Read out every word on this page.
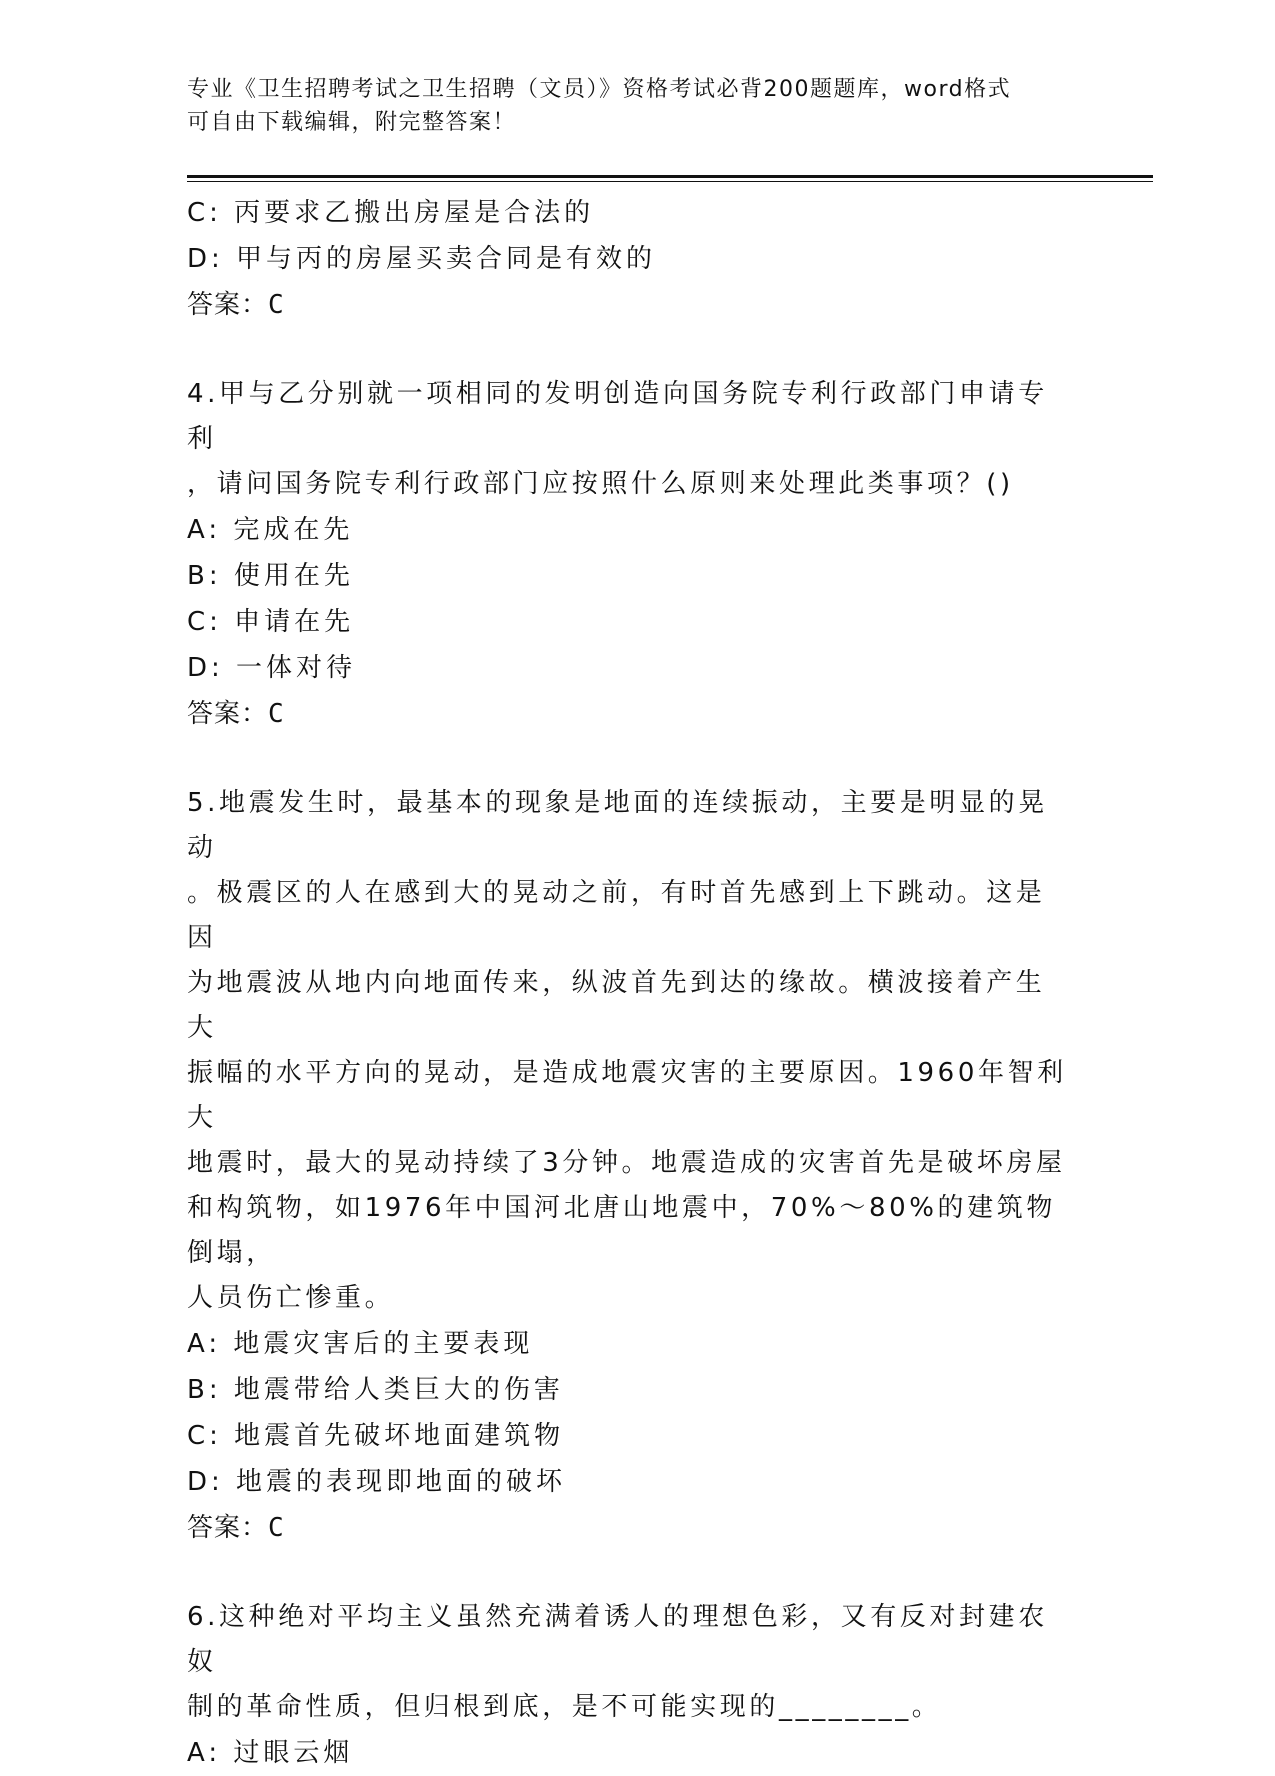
专业《卫生招聘考试之卫生招聘（文员）》资格考试必背200题题库，word格式
可自由下载编辑，附完整答案！
C: 丙要求乙搬出房屋是合法的
D: 甲与丙的房屋买卖合同是有效的
答案：C
4.甲与乙分别就一项相同的发明创造向国务院专利行政部门申请专利
，请问国务院专利行政部门应按照什么原则来处理此类事项？()
A: 完成在先
B: 使用在先
C: 申请在先
D: 一体对待
答案：C
5.地震发生时，最基本的现象是地面的连续振动，主要是明显的晃动
。极震区的人在感到大的晃动之前，有时首先感到上下跳动。这是因
为地震波从地内向地面传来，纵波首先到达的缘故。横波接着产生大
振幅的水平方向的晃动，是造成地震灾害的主要原因。1960年智利大
地震时，最大的晃动持续了3分钟。地震造成的灾害首先是破坏房屋
和构筑物，如1976年中国河北唐山地震中，70%～80%的建筑物倒塌，
人员伤亡惨重。
A: 地震灾害后的主要表现
B: 地震带给人类巨大的伤害
C: 地震首先破坏地面建筑物
D: 地震的表现即地面的破坏
答案：C
6.这种绝对平均主义虽然充满着诱人的理想色彩，又有反对封建农奴
制的革命性质，但归根到底，是不可能实现的________。
A: 过眼云烟
